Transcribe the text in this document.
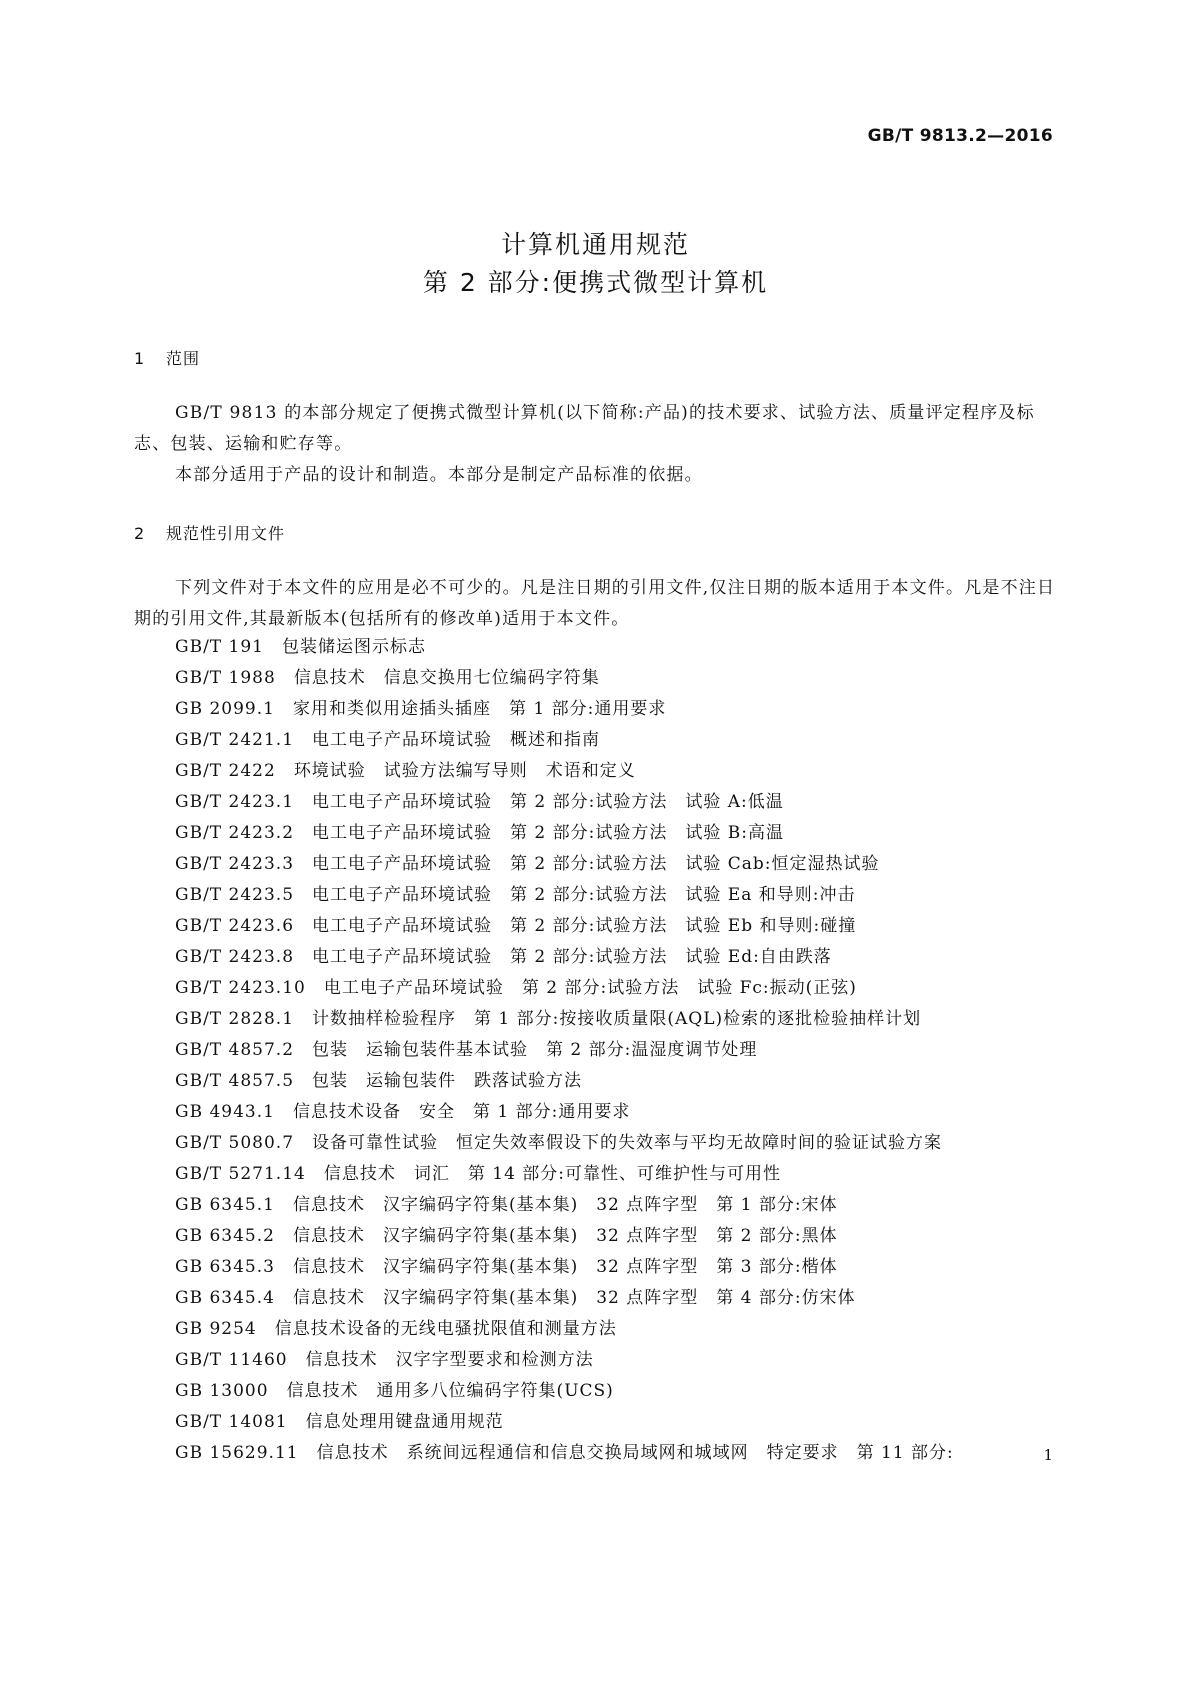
GB/T 9813.2—2016
计算机通用规范
第 2 部分:便携式微型计算机
1 范围
GB/T 9813 的本部分规定了便携式微型计算机(以下简称:产品)的技术要求、试验方法、质量评定程序及标志、包装、运输和贮存等。
本部分适用于产品的设计和制造。本部分是制定产品标准的依据。
2 规范性引用文件
下列文件对于本文件的应用是必不可少的。凡是注日期的引用文件,仅注日期的版本适用于本文件。凡是不注日期的引用文件,其最新版本(包括所有的修改单)适用于本文件。
GB/T 191 包装储运图示标志
GB/T 1988 信息技术　信息交换用七位编码字符集
GB 2099.1 家用和类似用途插头插座　第 1 部分:通用要求
GB/T 2421.1 电工电子产品环境试验　概述和指南
GB/T 2422 环境试验　试验方法编写导则　术语和定义
GB/T 2423.1 电工电子产品环境试验　第 2 部分:试验方法　试验 A:低温
GB/T 2423.2 电工电子产品环境试验　第 2 部分:试验方法　试验 B:高温
GB/T 2423.3 电工电子产品环境试验　第 2 部分:试验方法　试验 Cab:恒定湿热试验
GB/T 2423.5 电工电子产品环境试验　第 2 部分:试验方法　试验 Ea 和导则:冲击
GB/T 2423.6 电工电子产品环境试验　第 2 部分:试验方法　试验 Eb 和导则:碰撞
GB/T 2423.8 电工电子产品环境试验　第 2 部分:试验方法　试验 Ed:自由跌落
GB/T 2423.10 电工电子产品环境试验　第 2 部分:试验方法　试验 Fc:振动(正弦)
GB/T 2828.1 计数抽样检验程序　第 1 部分:按接收质量限(AQL)检索的逐批检验抽样计划
GB/T 4857.2 包装　运输包装件基本试验　第 2 部分:温湿度调节处理
GB/T 4857.5 包装　运输包装件　跌落试验方法
GB 4943.1 信息技术设备　安全　第 1 部分:通用要求
GB/T 5080.7 设备可靠性试验　恒定失效率假设下的失效率与平均无故障时间的验证试验方案
GB/T 5271.14 信息技术　词汇　第 14 部分:可靠性、可维护性与可用性
GB 6345.1 信息技术　汉字编码字符集(基本集)　32 点阵字型　第 1 部分:宋体
GB 6345.2 信息技术　汉字编码字符集(基本集)　32 点阵字型　第 2 部分:黑体
GB 6345.3 信息技术　汉字编码字符集(基本集)　32 点阵字型　第 3 部分:楷体
GB 6345.4 信息技术　汉字编码字符集(基本集)　32 点阵字型　第 4 部分:仿宋体
GB 9254 信息技术设备的无线电骚扰限值和测量方法
GB/T 11460 信息技术　汉字字型要求和检测方法
GB 13000 信息技术　通用多八位编码字符集(UCS)
GB/T 14081 信息处理用键盘通用规范
GB 15629.11 信息技术　系统间远程通信和信息交换局域网和城域网　特定要求　第 11 部分:	1
